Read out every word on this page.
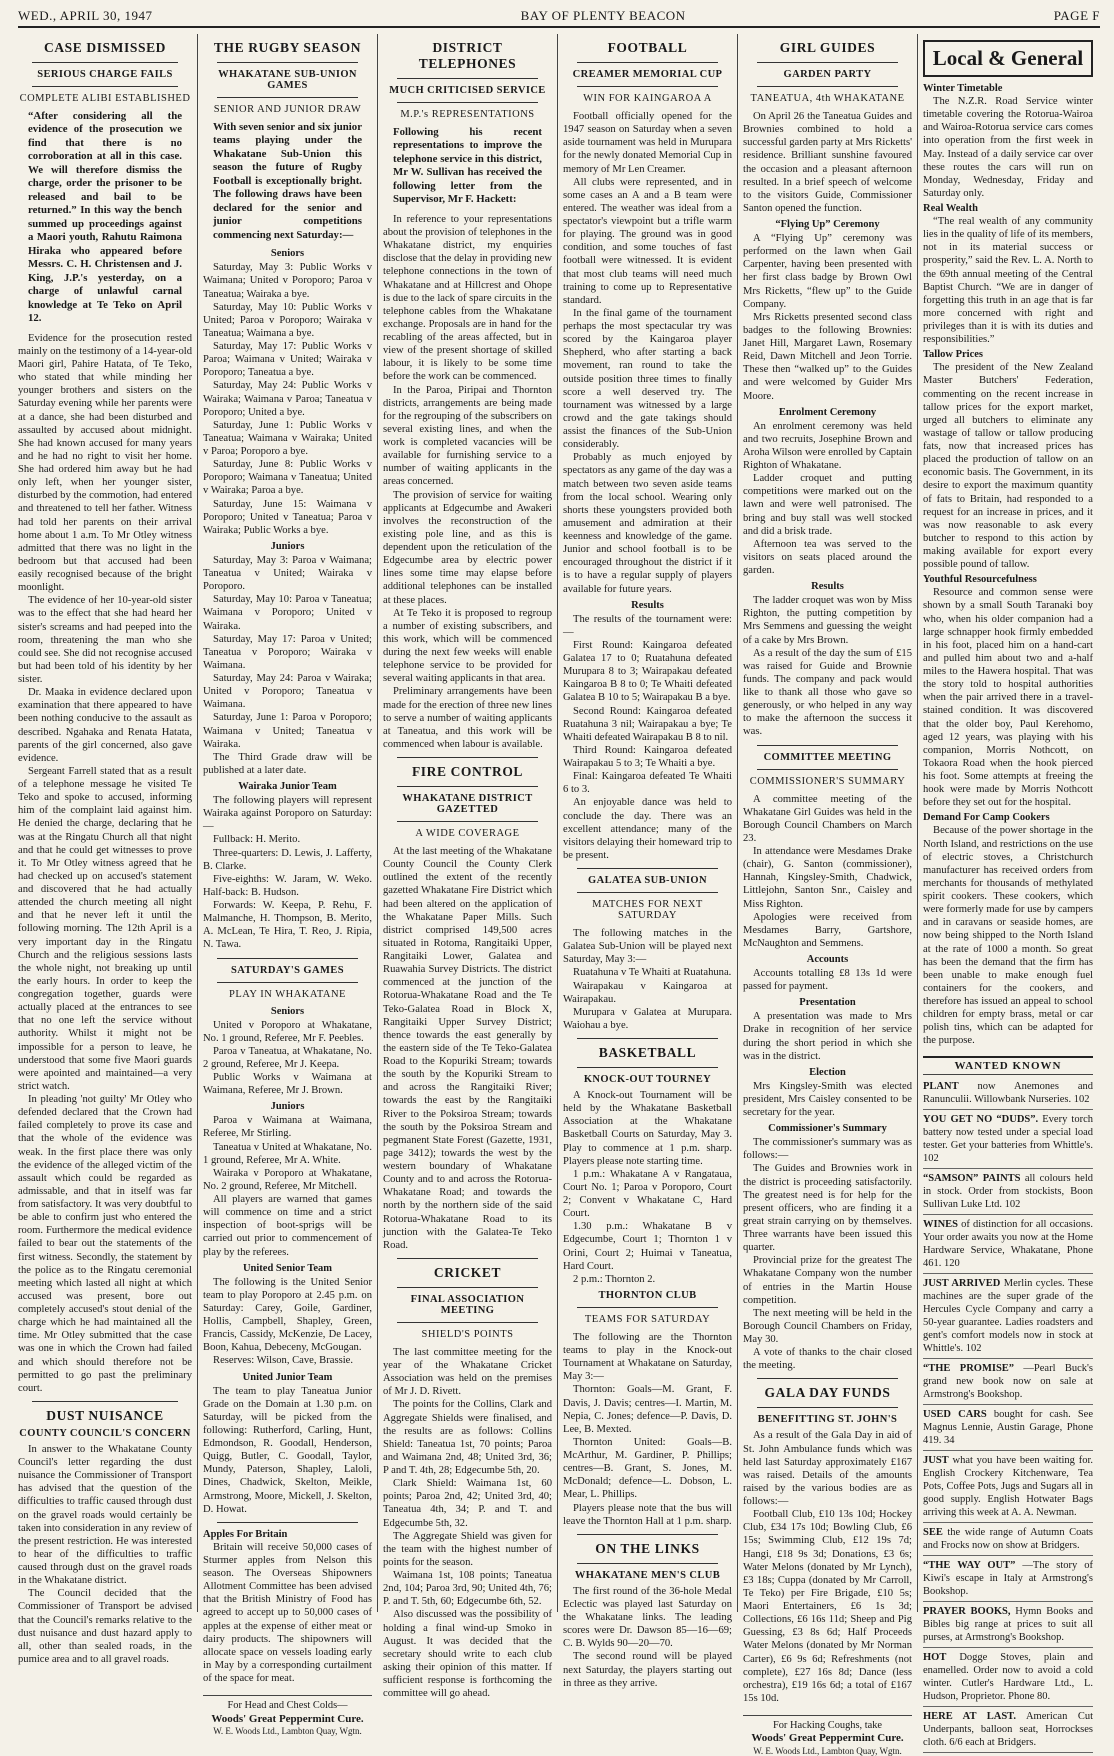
WED., APRIL 30, 1947	BAY OF PLENTY BEACON	PAGE F
CASE DISMISSED
SERIOUS CHARGE FAILS
COMPLETE ALIBI ESTABLISHED
“After considering all the evidence of the prosecution we find that there is no corroboration at all in this case. We will therefore dismiss the charge, order the prisoner to be released and bail to be returned.” In this way the bench summed up proceedings against a Maori youth, Rahutu Raimona Hiraka who appeared before Messrs. C. H. Christensen and J. King, J.P.'s yesterday, on a charge of unlawful carnal knowledge at Te Teko on April 12.

Evidence for the prosecution rested mainly on the testimony of a 14-year-old Maori girl, Pahire Hatata, of Te Teko, who stated that while minding her younger brothers and sisters on the Saturday evening while her parents were at a dance, she had been disturbed and assaulted by accused about midnight. She had known accused for many years and he had no right to visit her home. She had ordered him away but he had only left, when her younger sister, disturbed by the commotion, had entered and threatened to tell her father. Witness had told her parents on their arrival home about 1 a.m. To Mr Otley witness admitted that there was no light in the bedroom but that accused had been easily recognised because of the bright moonlight.

The evidence of her 10-year-old sister was to the effect that she had heard her sister's screams and had peeped into the room, threatening the man who she could see. She did not recognise accused but had been told of his identity by her sister.

Dr. Maaka in evidence declared upon examination that there appeared to have been nothing conducive to the assault as described. Ngahaka and Renata Hatata, parents of the girl concerned, also gave evidence.

Sergeant Farrell stated that as a result of a telephone message he visited Te Teko and spoke to accused, informing him of the complaint laid against him. He denied the charge, declaring that he was at the Ringatu Church all that night and that he could get witnesses to prove it. To Mr Otley witness agreed that he had checked up on accused's statement and discovered that he had actually attended the church meeting all night and that he never left it until the following morning. The 12th April is a very important day in the Ringatu Church and the religious sessions lasts the whole night, not breaking up until the early hours. In order to keep the congregation together, guards were actually placed at the entrances to see that no one left the service without authority. Whilst it might not be impossible for a person to leave, he understood that some five Maori guards were apointed and maintained—a very strict watch.

In pleading 'not guilty' Mr Otley who defended declared that the Crown had failed completely to prove its case and that the whole of the evidence was weak. In the first place there was only the evidence of the alleged victim of the assault which could be regarded as admissable, and that in itself was far from satisfactory. It was very doubtful to be able to confirm just who entered the room. Furthermore the medical evidence failed to bear out the statements of the first witness. Secondly, the statement by the police as to the Ringatu ceremonial meeting which lasted all night at which accused was present, bore out completely accused's stout denial of the charge which he had maintained all the time. Mr Otley submitted that the case was one in which the Crown had failed and which should therefore not be permitted to go past the preliminary court.

DUST NUISANCE
COUNTY COUNCIL'S CONCERN

In answer to the Whakatane County Council's letter regarding the dust nuisance the Commissioner of Transport has advised that the question of the difficulties to traffic caused through dust on the gravel roads would certainly be taken into consideration in any review of the present restriction. He was interested to hear of the difficulties to traffic caused through dust on the gravel roads in the Whakatane district.

The Council decided that the Commissioner of Transport be advised that the Council's remarks relative to the dust nuisance and dust hazard apply to all, other than sealed roads, in the pumice area and to all gravel roads.

THE RUGBY SEASON
WHAKATANE SUB-UNION GAMES
SENIOR AND JUNIOR DRAW
With seven senior and six junior teams playing under the Whakatane Sub-Union this season the future of Rugby Football is exceptionally bright. The following draws have been declared for the senior and junior competitions commencing next Saturday:—
Seniors

Saturday, May 3: Public Works v Waimana; United v Poroporo; Paroa v Taneatua; Wairaka a bye.

Saturday, May 10: Public Works v United; Paroa v Poroporo; Wairaka v Taneatua; Waimana a bye.

Saturday, May 17: Public Works v Paroa; Waimana v United; Wairaka v Poroporo; Taneatua a bye.

Saturday, May 24: Public Works v Wairaka; Waimana v Paroa; Taneatua v Poroporo; United a bye.

Saturday, June 1: Public Works v Taneatua; Waimana v Wairaka; United v Paroa; Poroporo a bye.

Saturday, June 8: Public Works v Poroporo; Waimana v Taneatua; United v Wairaka; Paroa a bye.

Saturday, June 15: Waimana v Poroporo; United v Taneatua; Paroa v Wairaka; Public Works a bye.

Juniors

Saturday, May 3: Paroa v Waimana; Taneatua v United; Wairaka v Poroporo.

Saturday, May 10: Paroa v Taneatua; Waimana v Poroporo; United v Wairaka.

Saturday, May 17: Paroa v United; Taneatua v Poroporo; Wairaka v Waimana.

Saturday, May 24: Paroa v Wairaka; United v Poroporo; Taneatua v Waimana.

Saturday, June 1: Paroa v Poroporo; Waimana v United; Taneatua v Wairaka.

The Third Grade draw will be published at a later date.

Wairaka Junior Team

The following players will represent Wairaka against Poroporo on Saturday:—

Fullback: H. Merito.

Three-quarters: D. Lewis, J. Lafferty, B. Clarke.

Five-eighths: W. Jaram, W. Weko. Half-back: B. Hudson.

Forwards: W. Keepa, P. Rehu, F. Malmanche, H. Thompson, B. Merito, A. McLean, Te Hira, T. Reo, J. Ripia, N. Tawa.

SATURDAY'S GAMES
PLAY IN WHAKATANE
Seniors

United v Poroporo at Whakatane, No. 1 ground, Referee, Mr F. Peebles.

Paroa v Taneatua, at Whakatane, No. 2 ground, Referee, Mr J. Keepa.

Public Works v Waimana at Waimana, Referee, Mr J. Brown.

Juniors

Paroa v Waimana at Waimana, Referee, Mr Stirling.

Taneatua v United at Whakatane, No. 1 ground, Referee, Mr A. White.

Wairaka v Poroporo at Whakatane, No. 2 ground, Referee, Mr Mitchell.

All players are warned that games will commence on time and a strict inspection of boot-sprigs will be carried out prior to commencement of play by the referees.

United Senior Team

The following is the United Senior team to play Poroporo at 2.45 p.m. on Saturday: Carey, Goile, Gardiner, Hollis, Campbell, Shapley, Green, Francis, Cassidy, McKenzie, De Lacey, Boon, Kahua, Debeceny, McGougan.

Reserves: Wilson, Cave, Brassie.

United Junior Team

The team to play Taneatua Junior Grade on the Domain at 1.30 p.m. on Saturday, will be picked from the following: Rutherford, Carling, Hunt, Edmondson, R. Goodall, Henderson, Quigg, Butler, C. Goodall, Taylor, Mundy, Paterson, Shapley, Laloli, Dines, Chadwick, Skelton, Meikle, Armstrong, Moore, Mickell, J. Skelton, D. Howat.

Apples For Britain

Britain will receive 50,000 cases of Sturmer apples from Nelson this season. The Overseas Shipowners Allotment Committee has been advised that the British Ministry of Food has agreed to accept up to 50,000 cases of apples at the expense of either meat or dairy products. The shipowners will allocate space on vessels loading early in May by a corresponding curtailment of the space for meat.

For Head and Chest Colds—
Woods' Great Peppermint Cure.
W. E. Woods Ltd., Lambton Quay, Wgtn.
DISTRICT TELEPHONES
MUCH CRITICISED SERVICE
M.P.'s REPRESENTATIONS
Following his recent representations to improve the telephone service in this district, Mr W. Sullivan has received the following letter from the Supervisor, Mr F. Hackett:

In reference to your representations about the provision of telephones in the Whakatane district, my enquiries disclose that the delay in providing new telephone connections in the town of Whakatane and at Hillcrest and Ohope is due to the lack of spare circuits in the telephone cables from the Whakatane exchange. Proposals are in hand for the recabling of the areas affected, but in view of the present shortage of skilled labour, it is likely to be some time before the work can be commenced.

In the Paroa, Piripai and Thornton districts, arrangements are being made for the regrouping of the subscribers on several existing lines, and when the work is completed vacancies will be available for furnishing service to a number of waiting applicants in the areas concerned.

The provision of service for waiting applicants at Edgecumbe and Awakeri involves the reconstruction of the existing pole line, and as this is dependent upon the reticulation of the Edgecumbe area by electric power lines some time may elapse before additional telephones can be installed at these places.

At Te Teko it is proposed to regroup a number of existing subscribers, and this work, which will be commenced during the next few weeks will enable telephone service to be provided for several waiting applicants in that area.

Preliminary arrangements have been made for the erection of three new lines to serve a number of waiting applicants at Taneatua, and this work will be commenced when labour is available.

FIRE CONTROL
WHAKATANE DISTRICT GAZETTED
A WIDE COVERAGE

At the last meeting of the Whakatane County Council the County Clerk outlined the extent of the recently gazetted Whakatane Fire District which had been altered on the application of the Whakatane Paper Mills. Such district comprised 149,500 acres situated in Rotoma, Rangitaiki Upper, Rangitaiki Lower, Galatea and Ruawahia Survey Districts. The district commenced at the junction of the Rotorua-Whakatane Road and the Te Teko-Galatea Road in Block X, Rangitaiki Upper Survey District; thence towards the east generally by the eastern side of the Te Teko-Galatea Road to the Kopuriki Stream; towards the south by the Kopuriki Stream to and across the Rangitaiki River; towards the east by the Rangitaiki River to the Poksiroa Stream; towards the south by the Poksiroa Stream and pegmanent State Forest (Gazette, 1931, page 3412); towards the west by the western boundary of Whakatane County and to and across the Rotorua-Whakatane Road; and towards the north by the northern side of the said Rotorua-Whakatane Road to its junction with the Galatea-Te Teko Road.

CRICKET
FINAL ASSOCIATION MEETING
SHIELD'S POINTS

The last committee meeting for the year of the Whakatane Cricket Association was held on the premises of Mr J. D. Rivett.

The points for the Collins, Clark and Aggregate Shields were finalised, and the results are as follows: Collins Shield: Taneatua 1st, 70 points; Paroa and Waimana 2nd, 48; United 3rd, 36; P and T. 4th, 28; Edgecumbe 5th, 20.

Clark Shield: Waimana 1st, 60 points; Paroa 2nd, 42; United 3rd, 40; Taneatua 4th, 34; P. and T. and Edgecumbe 5th, 32.

The Aggregate Shield was given for the team with the highest number of points for the season.

Waimana 1st, 108 points; Taneatua 2nd, 104; Paroa 3rd, 90; United 4th, 76; P. and T. 5th, 60; Edgecumbe 6th, 52.

Also discussed was the possibility of holding a final wind-up Smoko in August. It was decided that the secretary should write to each club asking their opinion of this matter. If sufficient response is forthcoming the committee will go ahead.

FOOTBALL
CREAMER MEMORIAL CUP
WIN FOR KAINGAROA A

Football officially opened for the 1947 season on Saturday when a seven aside tournament was held in Murupara for the newly donated Memorial Cup in memory of Mr Len Creamer.

All clubs were represented, and in some cases an A and a B team were entered. The weather was ideal from a spectator's viewpoint but a trifle warm for playing. The ground was in good condition, and some touches of fast football were witnessed. It is evident that most club teams will need much training to come up to Representative standard.

In the final game of the tournament perhaps the most spectacular try was scored by the Kaingaroa player Shepherd, who after starting a back movement, ran round to take the outside position three times to finally score a well deserved try. The tournament was witnessed by a large crowd and the gate takings should assist the finances of the Sub-Union considerably.

Probably as much enjoyed by spectators as any game of the day was a match between two seven aside teams from the local school. Wearing only shorts these youngsters provided both amusement and admiration at their keenness and knowledge of the game. Junior and school football is to be encouraged throughout the district if it is to have a regular supply of players available for future years.

Results

The results of the tournament were:—

First Round: Kaingaroa defeated Galatea 17 to 0; Ruatahuna defeated Murupara 8 to 3; Wairapakau defeated Kaingaroa B 8 to 0; Te Whaiti defeated Galatea B 10 to 5; Wairapakau B a bye.

Second Round: Kaingaroa defeated Ruatahuna 3 nil; Wairapakau a bye; Te Whaiti defeated Wairapakau B 8 to nil.

Third Round: Kaingaroa defeated Wairapakau 5 to 3; Te Whaiti a bye.

Final: Kaingaroa defeated Te Whaiti 6 to 3.

An enjoyable dance was held to conclude the day. There was an excellent attendance; many of the visitors delaying their homeward trip to be present.

GALATEA SUB-UNION
MATCHES FOR NEXT SATURDAY

The following matches in the Galatea Sub-Union will be played next Saturday, May 3:—

Ruatahuna v Te Whaiti at Ruatahuna.

Wairapakau v Kaingaroa at Wairapakau.

Murupara v Galatea at Murupara. Waiohau a bye.

BASKETBALL
KNOCK-OUT TOURNEY

A Knock-out Tournament will be held by the Whakatane Basketball Association at the Whakatane Basketball Courts on Saturday, May 3. Play to commence at 1 p.m. sharp. Players please note starting time.

1 p.m.: Whakatane A v Rangataua, Court No. 1; Paroa v Poroporo, Court 2; Convent v Whakatane C, Hard Court.

1.30 p.m.: Whakatane B v Edgecumbe, Court 1; Thornton 1 v Orini, Court 2; Huimai v Taneatua, Hard Court.

2 p.m.: Thornton 2.

THORNTON CLUB
TEAMS FOR SATURDAY

The following are the Thornton teams to play in the Knock-out Tournament at Whakatane on Saturday, May 3:—

Thornton: Goals—M. Grant, F. Davis, J. Davis; centres—I. Martin, M. Nepia, C. Jones; defence—P. Davis, D. Lee, B. Mexted.

Thornton United: Goals—B. McArthur, M. Gardiner, P. Phillips; centres—B. Grant, S. Jones, M. McDonald; defence—L. Dobson, L. Mear, L. Phillips.

Players please note that the bus will leave the Thornton Hall at 1 p.m. sharp.

ON THE LINKS
WHAKATANE MEN'S CLUB

The first round of the 36-hole Medal Eclectic was played last Saturday on the Whakatane links. The leading scores were Dr. Dawson 85—16—69; C. B. Wylds 90—20—70.

The second round will be played next Saturday, the players starting out in three as they arrive.

GIRL GUIDES
GARDEN PARTY
TANEATUA, 4th WHAKATANE

On April 26 the Taneatua Guides and Brownies combined to hold a successful garden party at Mrs Ricketts' residence. Brilliant sunshine favoured the occasion and a pleasant afternoon resulted. In a brief speech of welcome to the visitors Guide, Commissioner Santon opened the function.

“Flying Up” Ceremony

A “Flying Up” ceremony was performed on the lawn when Gail Carpenter, having been presented with her first class badge by Brown Owl Mrs Ricketts, “flew up” to the Guide Company.

Mrs Ricketts presented second class badges to the following Brownies: Janet Hill, Margaret Lawn, Rosemary Reid, Dawn Mitchell and Jeon Torrie. These then “walked up” to the Guides and were welcomed by Guider Mrs Moore.

Enrolment Ceremony

An enrolment ceremony was held and two recruits, Josephine Brown and Aroha Wilson were enrolled by Captain Righton of Whakatane.

Ladder croquet and putting competitions were marked out on the lawn and were well patronised. The bring and buy stall was well stocked and did a brisk trade.

Afternoon tea was served to the visitors on seats placed around the garden.

Results

The ladder croquet was won by Miss Righton, the putting competition by Mrs Semmens and guessing the weight of a cake by Mrs Brown.

As a result of the day the sum of £15 was raised for Guide and Brownie funds. The company and pack would like to thank all those who gave so generously, or who helped in any way to make the afternoon the success it was.

COMMITTEE MEETING
COMMISSIONER'S SUMMARY

A committee meeting of the Whakatane Girl Guides was held in the Borough Council Chambers on March 23.

In attendance were Mesdames Drake (chair), G. Santon (commissioner), Hannah, Kingsley-Smith, Chadwick, Littlejohn, Santon Snr., Caisley and Miss Righton.

Apologies were received from Mesdames Barry, Gartshore, McNaughton and Semmens.

Accounts

Accounts totalling £8 13s 1d were passed for payment.

Presentation

A presentation was made to Mrs Drake in recognition of her service during the short period in which she was in the district.

Election

Mrs Kingsley-Smith was elected president, Mrs Caisley consented to be secretary for the year.

Commissioner's Summary

The commissioner's summary was as follows:—

The Guides and Brownies work in the district is proceeding satisfactorily. The greatest need is for help for the present officers, who are finding it a great strain carrying on by themselves. Three warrants have been issued this quarter.

Provincial prize for the greatest The Whakatane Company won the number of entries in the Martin House competition.

The next meeting will be held in the Borough Council Chambers on Friday, May 30.

A vote of thanks to the chair closed the meeting.

GALA DAY FUNDS
BENEFITTING ST. JOHN'S

As a result of the Gala Day in aid of St. John Ambulance funds which was held last Saturday approximately £167 was raised. Details of the amounts raised by the various bodies are as follows:—

Football Club, £10 13s 10d; Hockey Club, £34 17s 10d; Bowling Club, £6 15s; Swimming Club, £12 19s 7d; Hangi, £18 9s 3d; Donations, £3 6s; Water Melons (donated by Mr Lynch), £3 18s; Cuppa (donated by Mr Carroll, Te Teko) per Fire Brigade, £10 5s; Maori Entertainers, £6 1s 3d; Collections, £6 16s 11d; Sheep and Pig Guessing, £3 8s 6d; Half Proceeds Water Melons (donated by Mr Norman Carter), £6 9s 6d; Refreshments (not complete), £27 16s 8d; Dance (less orchestra), £19 16s 6d; a total of £167 15s 10d.

For Hacking Coughs, take
Woods' Great Peppermint Cure.
W. E. Woods Ltd., Lambton Quay, Wgtn.
Local & General
Winter Timetable

The N.Z.R. Road Service winter timetable covering the Rotorua-Wairoa and Wairoa-Rotorua service cars comes into operation from the first week in May. Instead of a daily service car over these routes the cars will run on Monday, Wednesday, Friday and Saturday only.

Real Wealth

“The real wealth of any community lies in the quality of life of its members, not in its material success or prosperity,” said the Rev. L. A. North to the 69th annual meeting of the Central Baptist Church. “We are in danger of forgetting this truth in an age that is far more concerned with right and privileges than it is with its duties and responsibilities.”

Tallow Prices

The president of the New Zealand Master Butchers' Federation, commenting on the recent increase in tallow prices for the export market, urged all butchers to eliminate any wastage of tallow or tallow producing fats, now that increased prices has placed the production of tallow on an economic basis. The Government, in its desire to export the maximum quantity of fats to Britain, had responded to a request for an increase in prices, and it was now reasonable to ask every butcher to respond to this action by making available for export every possible pound of tallow.

Youthful Resourcefulness

Resource and common sense were shown by a small South Taranaki boy who, when his older companion had a large schnapper hook firmly embedded in his foot, placed him on a hand-cart and pulled him about two and a-half miles to the Hawera hospital. That was the story told to hospital authorities when the pair arrived there in a travel-stained condition. It was discovered that the older boy, Paul Kerehomo, aged 12 years, was playing with his companion, Morris Nothcott, on Tokaora Road when the hook pierced his foot. Some attempts at freeing the hook were made by Morris Nothcott before they set out for the hospital.

Demand For Camp Cookers

Because of the power shortage in the North Island, and restrictions on the use of electric stoves, a Christchurch manufacturer has received orders from merchants for thousands of methylated spirit cookers. These cookers, which were formerly made for use by campers and in caravans or seaside homes, are now being shipped to the North Island at the rate of 1000 a month. So great has been the demand that the firm has been unable to make enough fuel containers for the cookers, and therefore has issued an appeal to school children for empty brass, metal or car polish tins, which can be adapted for the purpose.

WANTED KNOWN
PLANT now Anemones and Ranunculii. Willowbank Nurseries. 102
YOU GET NO “DUDS”. Every torch battery now tested under a special load tester. Get your batteries from Whittle's. 102
“SAMSON” PAINTS all colours held in stock. Order from stockists, Boon Sullivan Luke Ltd. 102
WINES of distinction for all occasions. Your order awaits you now at the Home Hardware Service, Whakatane, Phone 461. 120
JUST ARRIVED Merlin cycles. These machines are the super grade of the Hercules Cycle Company and carry a 50-year guarantee. Ladies roadsters and gent's comfort models now in stock at Whittle's. 102
“THE PROMISE” —Pearl Buck's grand new book now on sale at Armstrong's Bookshop.
USED CARS bought for cash. See Magnus Lennie, Austin Garage, Phone 419. 34
JUST what you have been waiting for. English Crockery Kitchenware, Tea Pots, Coffee Pots, Jugs and Sugars all in good supply. English Hotwater Bags arriving this week at A. A. Newman.
SEE the wide range of Autumn Coats and Frocks now on show at Bridgers.
“THE WAY OUT” —The story of Kiwi's escape in Italy at Armstrong's Bookshop.
PRAYER BOOKS, Hymn Books and Bibles big range at prices to suit all purses, at Armstrong's Bookshop.
HOT Dogge Stoves, plain and enamelled. Order now to avoid a cold winter. Cutler's Hardware Ltd., L. Hudson, Proprietor. Phone 80.
HERE AT LAST. American Cut Underpants, balloon seat, Horrockses cloth. 6/6 each at Bridgers.
